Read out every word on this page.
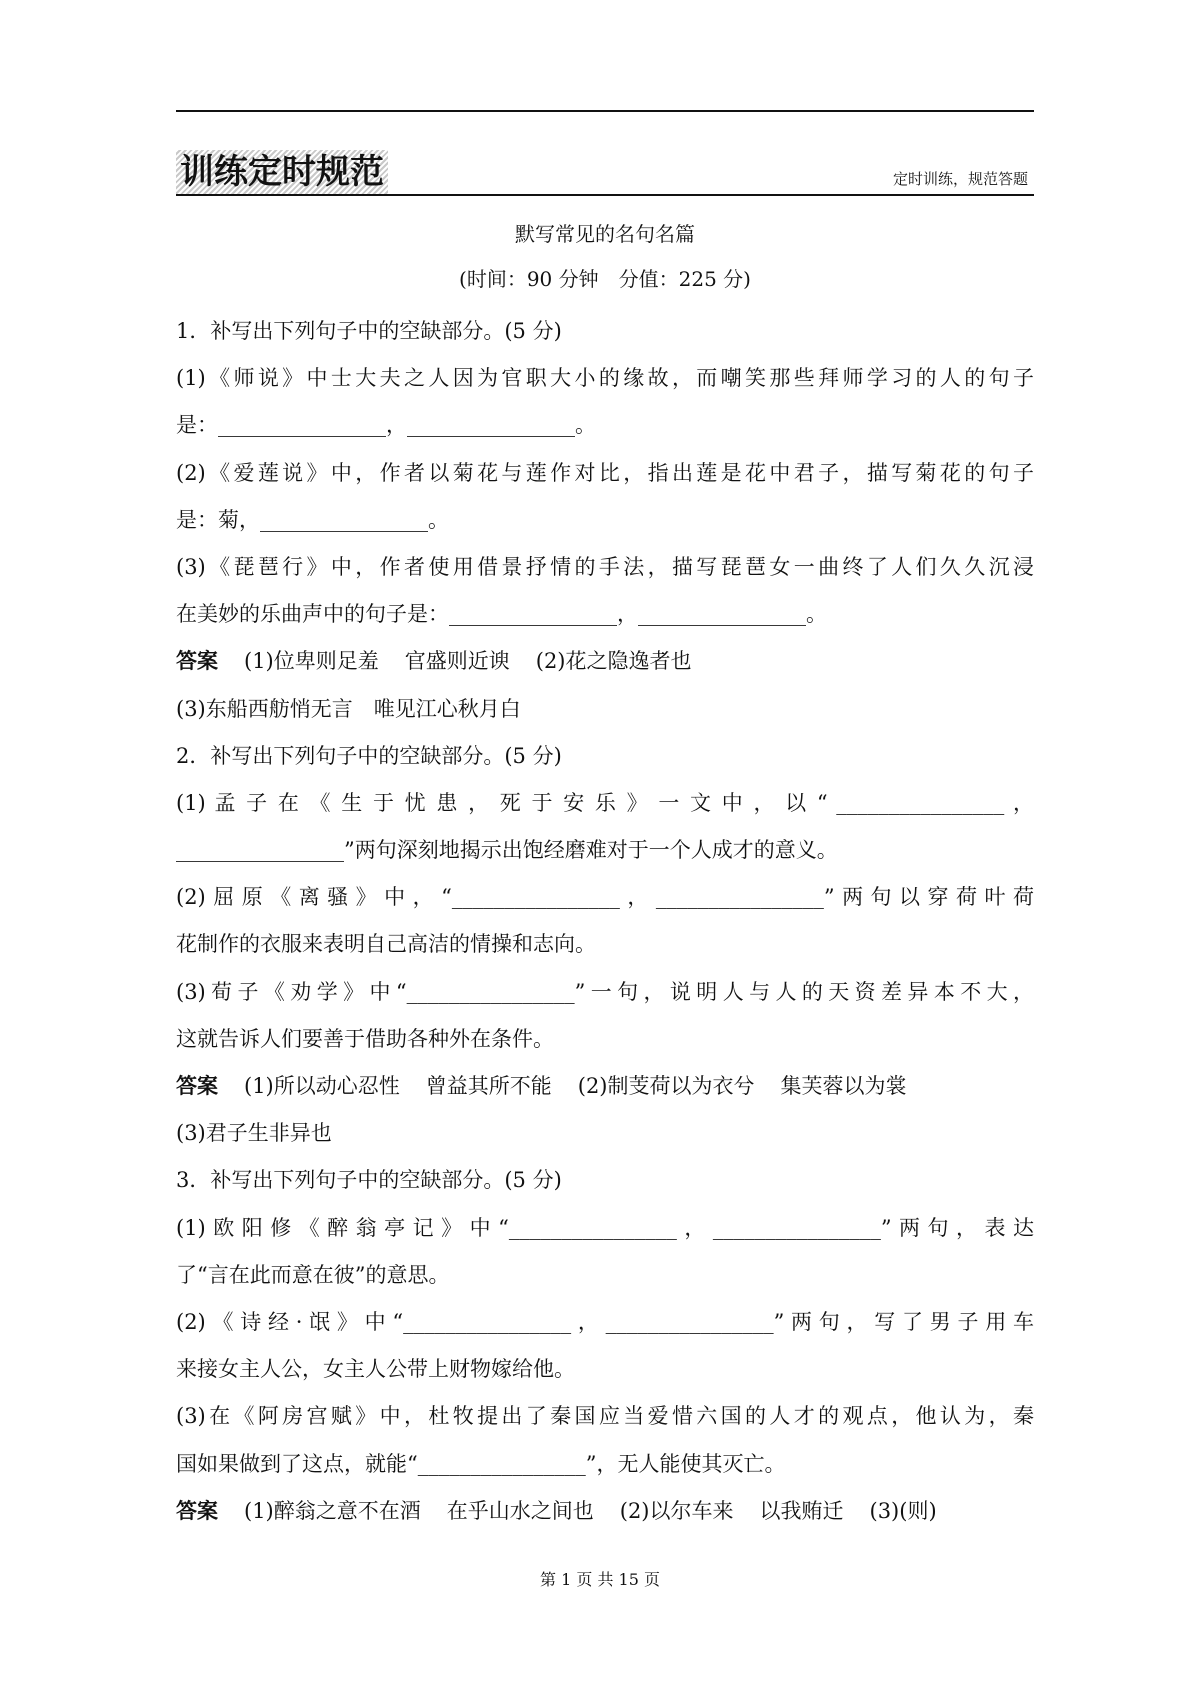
训练定时规范	定时训练，规范答题
默写常见的名句名篇
(时间：90 分钟　分值：225 分)
1．补写出下列句子中的空缺部分。(5 分)
(1)《师说》中士大夫之人因为官职大小的缘故，而嘲笑那些拜师学习的人的句子
是：________________，________________。
(2)《爱莲说》中，作者以菊花与莲作对比，指出莲是花中君子，描写菊花的句子
是：菊，________________。
(3)《琵琶行》中，作者使用借景抒情的手法，描写琵琶女一曲终了人们久久沉浸
在美妙的乐曲声中的句子是：________________，________________。
答案 (1)位卑则足羞 官盛则近谀 (2)花之隐逸者也
(3)东船西舫悄无言　唯见江心秋月白
2．补写出下列句子中的空缺部分。(5 分)
(1) 孟 子 在 《 生 于 忧 患 ， 死 于 安 乐 》 一 文 中 ， 以 “ ________________ ，
________________”两句深刻地揭示出饱经磨难对于一个人成才的意义。
(2)屈原《离骚》中，“________________，________________”两句以穿荷叶荷
花制作的衣服来表明自己高洁的情操和志向。
(3)荀子《劝学》中“________________”一句，说明人与人的天资差异本不大，
这就告诉人们要善于借助各种外在条件。
答案 (1)所以动心忍性 曾益其所不能 (2)制芰荷以为衣兮 集芙蓉以为裳
(3)君子生非异也
3．补写出下列句子中的空缺部分。(5 分)
(1)欧阳修《醉翁亭记》中“________________，________________”两句，表达
了“言在此而意在彼”的意思。
(2)《诗经·氓》中“________________，________________”两句，写了男子用车
来接女主人公，女主人公带上财物嫁给他。
(3)在《阿房宫赋》中，杜牧提出了秦国应当爱惜六国的人才的观点，他认为，秦
国如果做到了这点，就能“________________”，无人能使其灭亡。
答案 (1)醉翁之意不在酒 在乎山水之间也 (2)以尔车来 以我贿迁 (3)(则)
第 1 页 共 15 页
